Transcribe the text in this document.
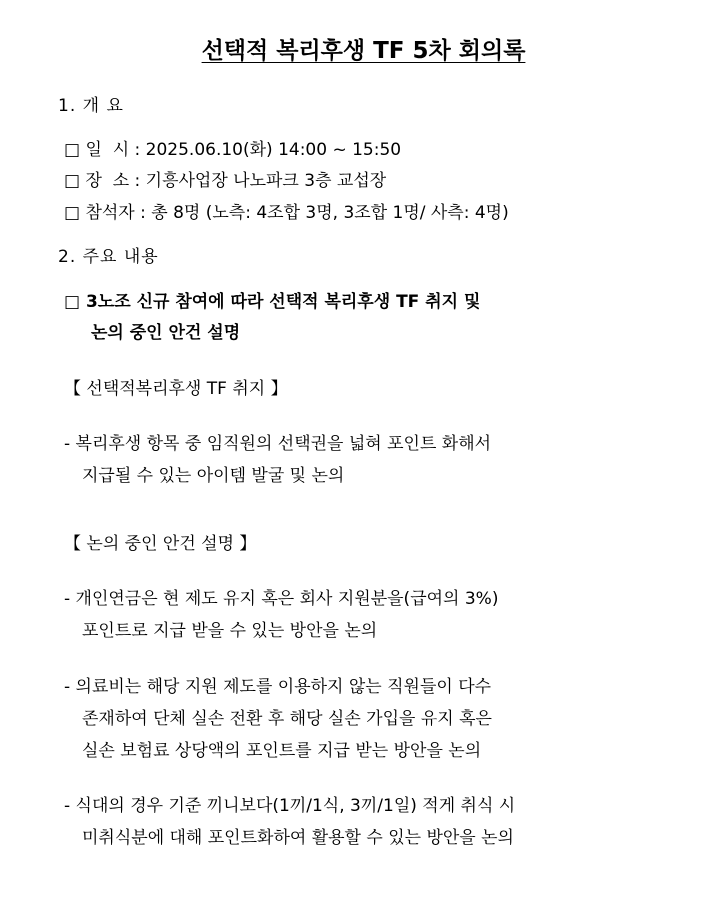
선택적 복리후생 TF 5차 회의록
1. 개 요
□ 일  시 : 2025.06.10(화) 14:00 ~ 15:50
□ 장  소 : 기흥사업장 나노파크 3층 교섭장
□ 참석자 : 총 8명 (노측: 4조합 3명, 3조합 1명/ 사측: 4명)
2. 주요 내용
□ 3노조 신규 참여에 따라 선택적 복리후생 TF 취지 및
논의 중인 안건 설명
【 선택적복리후생 TF 취지 】
- 복리후생 항목 중 임직원의 선택권을 넓혀 포인트 화해서
지급될 수 있는 아이템 발굴 및 논의
【 논의 중인 안건 설명 】
- 개인연금은 현 제도 유지 혹은 회사 지원분을(급여의 3%)
포인트로 지급 받을 수 있는 방안을 논의
- 의료비는 해당 지원 제도를 이용하지 않는 직원들이 다수
존재하여 단체 실손 전환 후 해당 실손 가입을 유지 혹은
실손 보험료 상당액의 포인트를 지급 받는 방안을 논의
- 식대의 경우 기준 끼니보다(1끼/1식, 3끼/1일) 적게 취식 시
미취식분에 대해 포인트화하여 활용할 수 있는 방안을 논의
